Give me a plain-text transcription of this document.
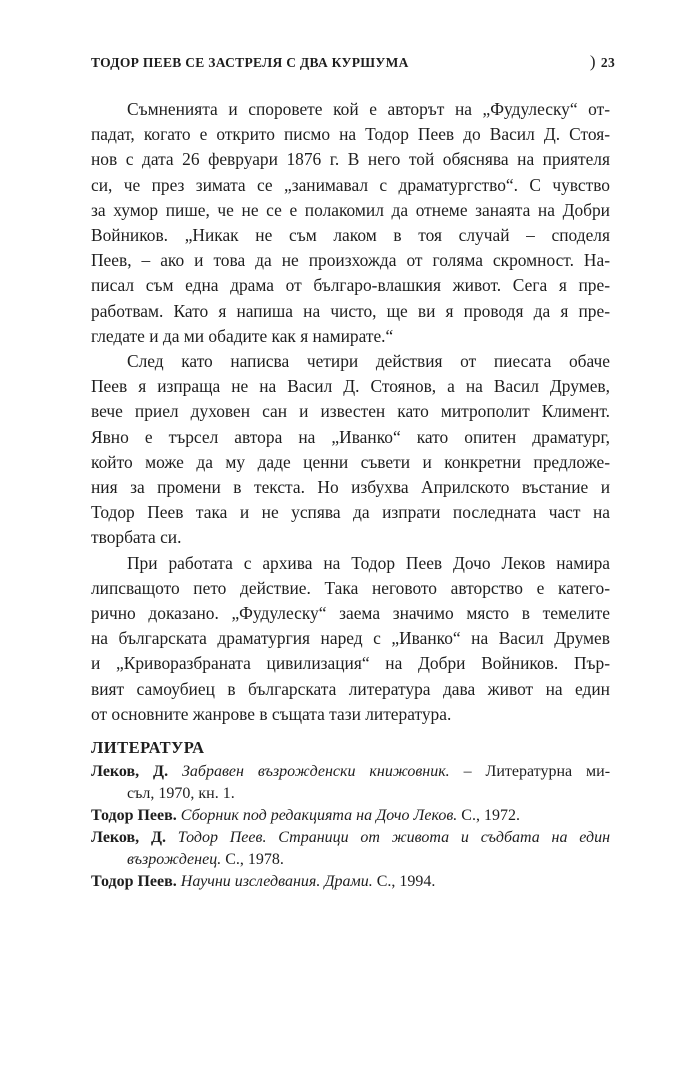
ТОДОР ПЕЕВ СЕ ЗАСТРЕЛЯ С ДВА КУРШУМА	) 23

Съмненията и споровете кой е авторът на „Фудулеску“ от-
падат, когато е открито писмо на Тодор Пеев до Васил Д. Стоя-
нов с дата 26 февруари 1876 г. В него той обяснява на приятеля
си, че през зимата се „занимавал с драматургство“. С чувство
за хумор пише, че не се е полакомил да отнеме занаята на Добри
Войников. „Никак не съм лаком в тоя случай – споделя
Пеев, – ако и това да не произхожда от голяма скромност. На-
писал съм една драма от българо-влашкия живот. Сега я пре-
работвам. Като я напиша на чисто, ще ви я проводя да я пре-
гледате и да ми обадите как я намирате.“

След като написва четири действия от пиесата обаче
Пеев я изпраща не на Васил Д. Стоянов, а на Васил Друмев,
вече приел духовен сан и известен като митрополит Климент.
Явно е търсел автора на „Иванко“ като опитен драматург,
който може да му даде ценни съвети и конкретни предложе-
ния за промени в текста. Но избухва Априлското въстание и
Тодор Пеев така и не успява да изпрати последната част на
творбата си.

При работата с архива на Тодор Пеев Дочо Леков намира
липсващото пето действие. Така неговото авторство е катего-
рично доказано. „Фудулеску“ заема значимо място в темелите
на българската драматургия наред с „Иванко“ на Васил Друмев
и „Криворазбраната цивилизация“ на Добри Войников. Пър-
вият самоубиец в българската литература дава живот на един
от основните жанрове в същата тази литература.

ЛИТЕРАТУРА

Леков, Д. Забравен възрожденски книжовник. – Литературна ми-
съл, 1970, кн. 1.

Тодор Пеев. Сборник под редакцията на Дочо Леков. С., 1972.

Леков, Д. Тодор Пеев. Страници от живота и съдбата на един
възрожденец. С., 1978.

Тодор Пеев. Научни изследвания. Драми. С., 1994.
